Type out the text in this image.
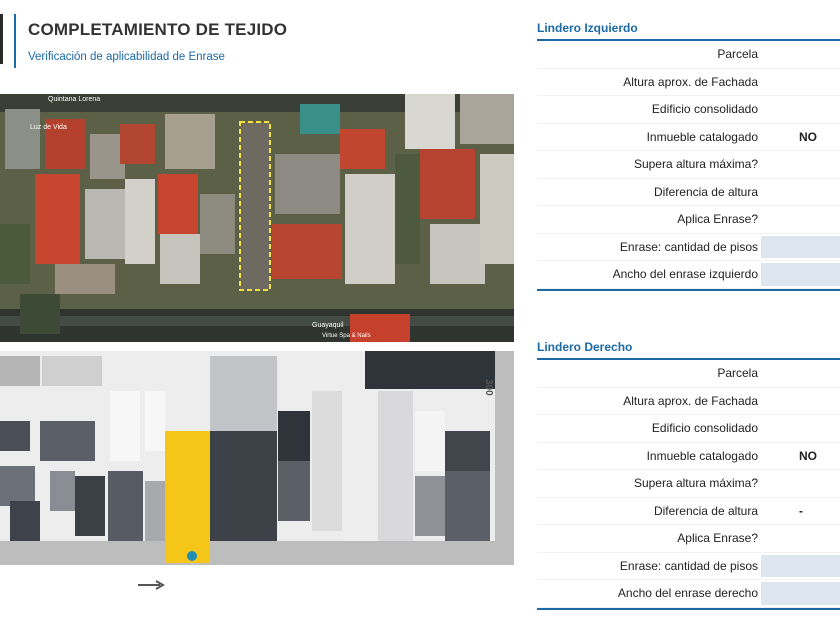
COMPLETAMIENTO DE TEJIDO
Verificación de aplicabilidad de Enrase
Quintana Lorena
Luz de Vida
Guayaquil
Virtue Spa & Nails
300
Lindero Izquierdo
Parcela
Altura aprox. de Fachada
Edificio consolidado
Inmueble catalogado	NO
Supera altura máxima?
Diferencia de altura
Aplica Enrase?
Enrase: cantidad de pisos
Ancho del enrase izquierdo
Lindero Derecho
Parcela
Altura aprox. de Fachada
Edificio consolidado
Inmueble catalogado	NO
Supera altura máxima?
Diferencia de altura	-
Aplica Enrase?
Enrase: cantidad de pisos
Ancho del enrase derecho
